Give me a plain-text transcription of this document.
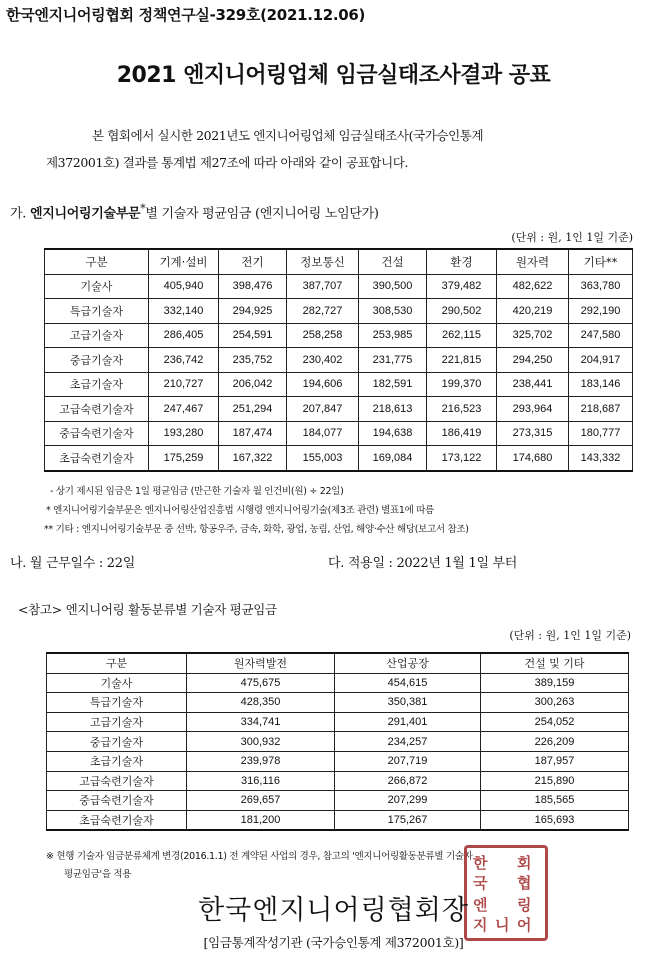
한국엔지니어링협회 정책연구실-329호(2021.12.06)
2021 엔지니어링업체 임금실태조사결과 공표

본 협회에서 실시한 2021년도 엔지니어링업체 임금실태조사(국가승인통계

제372001호) 결과를 통계법 제27조에 따라 아래와 같이 공표합니다.

가. 엔지니어링기술부문*별 기술자 평균임금 (엔지니어링 노임단가)
(단위 : 원, 1인 1일 기준)
구분	기계·설비	전기	정보통신	건설	환경	원자력	기타**
기술사	405,940	398,476	387,707	390,500	379,482	482,622	363,780
특급기술자	332,140	294,925	282,727	308,530	290,502	420,219	292,190
고급기술자	286,405	254,591	258,258	253,985	262,115	325,702	247,580
중급기술자	236,742	235,752	230,402	231,775	221,815	294,250	204,917
초급기술자	210,727	206,042	194,606	182,591	199,370	238,441	183,146
고급숙련기술자	247,467	251,294	207,847	218,613	216,523	293,964	218,687
중급숙련기술자	193,280	187,474	184,077	194,638	186,419	273,315	180,777
초급숙련기술자	175,259	167,322	155,003	169,084	173,122	174,680	143,332
- 상기 제시된 임금은 1일 평균임금 (만근한 기술자 월 인건비(원) ÷ 22일)
* 엔지니어링기술부문은 엔지니어링산업진흥법 시행령 엔지니어링기술(제3조 관련) 별표1에 따름
** 기타 : 엔지니어링기술부문 중 선박, 항공우주, 금속, 화학, 광업, 농림, 산업, 해양·수산 해당(보고서 참조)
나. 월 근무일수 : 22일	다. 적용일 : 2022년 1월 1일 부터
<참고> 엔지니어링 활동분류별 기술자 평균임금
(단위 : 원, 1인 1일 기준)
구분	원자력발전	산업공장	건설 및 기타
기술사	475,675	454,615	389,159
특급기술자	428,350	350,381	300,263
고급기술자	334,741	291,401	254,052
중급기술자	300,932	234,257	226,209
초급기술자	239,978	207,719	187,957
고급숙련기술자	316,116	266,872	215,890
중급숙련기술자	269,657	207,299	185,565
초급숙련기술자	181,200	175,267	165,693
※ 현행 기술자 임금분류체계 변경(2016.1.1) 전 계약된 사업의 경우, 참고의 '엔지니어링활동분류별 기술자
평균임금'을 적용
한 회
국 협
엔 링
지 니 어
한국엔지니어링협회장
[임금통계작성기관 (국가승인통계 제372001호)]
